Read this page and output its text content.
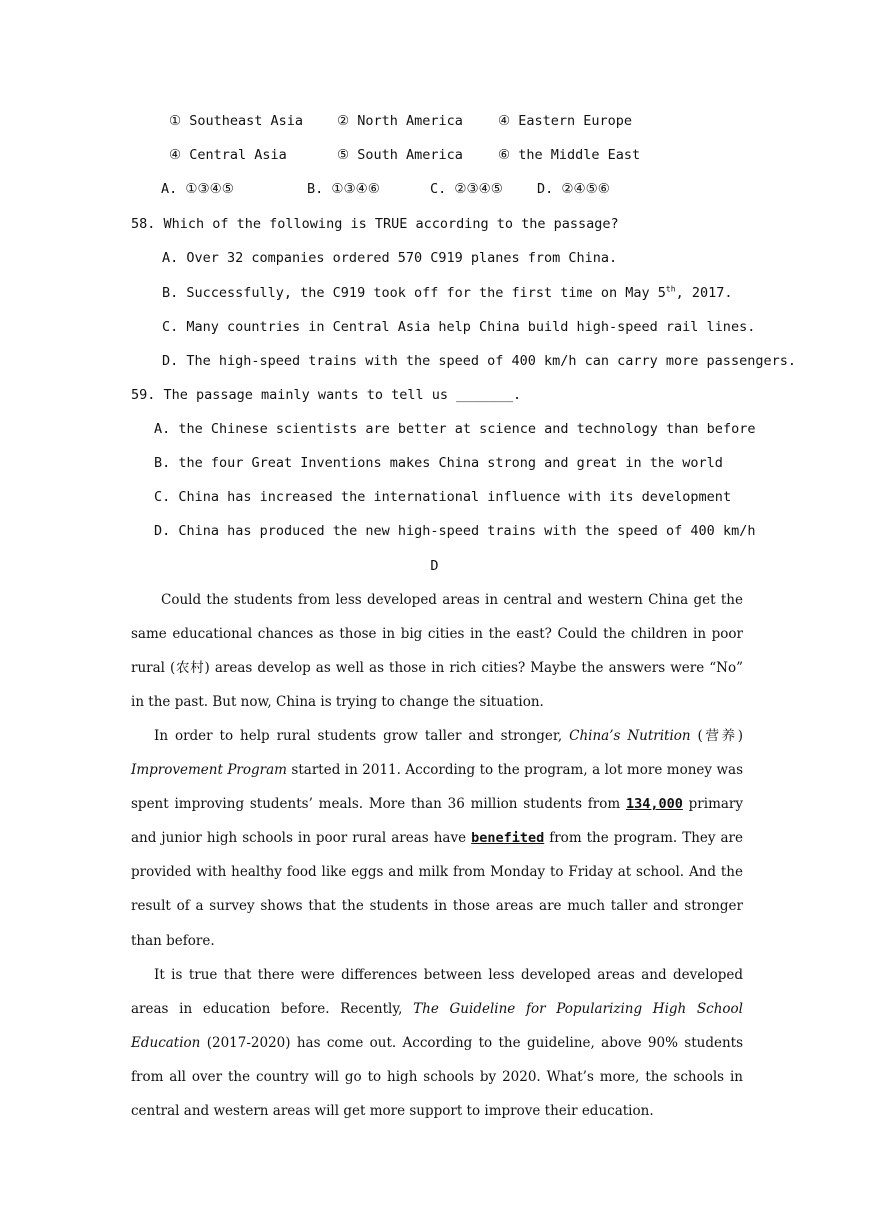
① Southeast Asia	② North America	④ Eastern Europe
④ Central Asia	⑤ South America	⑥ the Middle East
A. ①③④⑤	B. ①③④⑥	C. ②③④⑤	D. ②④⑤⑥
58. Which of the following is TRUE according to the passage?
A. Over 32 companies ordered 570 C919 planes from China.
B. Successfully, the C919 took off for the first time on May 5th, 2017.
C. Many countries in Central Asia help China build high-speed rail lines.
D. The high-speed trains with the speed of 400 km/h can carry more passengers.
59. The passage mainly wants to tell us _______.
A. the Chinese scientists are better at science and technology than before
B. the four Great Inventions makes China strong and great in the world
C. China has increased the international influence with its development
D. China has produced the new high-speed trains with the speed of 400 km/h
D
Could the students from less developed areas in central and western China get the same educational chances as those in big cities in the east? Could the children in poor rural (农村) areas develop as well as those in rich cities? Maybe the answers were “No” in the past. But now, China is trying to change the situation.
In order to help rural students grow taller and stronger, China’s Nutrition (营养) Improvement Program started in 2011. According to the program, a lot more money was spent improving students’ meals. More than 36 million students from 134,000 primary and junior high schools in poor rural areas have benefited from the program. They are provided with healthy food like eggs and milk from Monday to Friday at school. And the result of a survey shows that the students in those areas are much taller and stronger than before.
It is true that there were differences between less developed areas and developed areas in education before. Recently, The Guideline for Popularizing High School Education (2017-2020) has come out. According to the guideline, above 90% students from all over the country will go to high schools by 2020. What’s more, the schools in central and western areas will get more support to improve their education.
